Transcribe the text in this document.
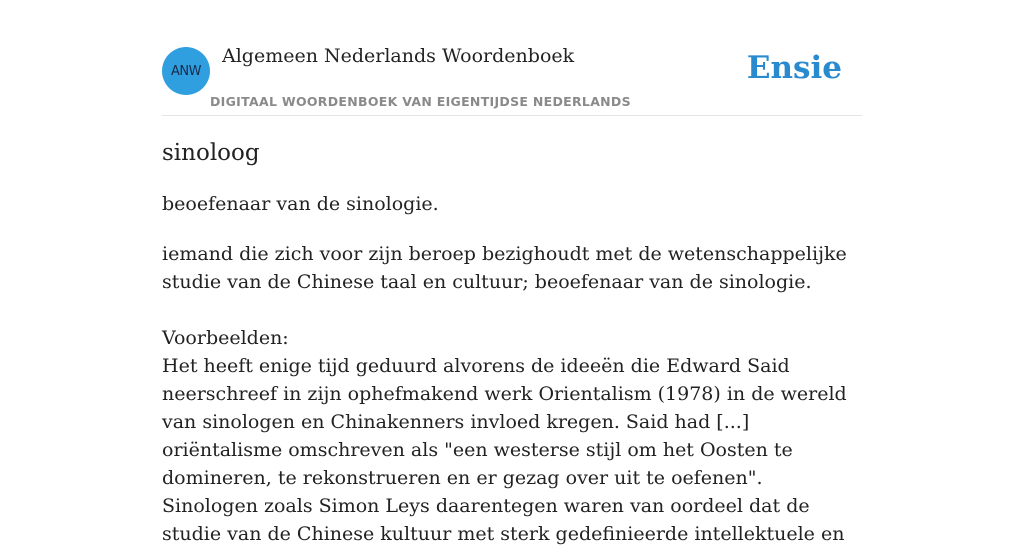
ANW
Algemeen Nederlands Woordenboek
DIGITAAL WOORDENBOEK VAN EIGENTIJDSE NEDERLANDS
Ensie
sinoloog
beoefenaar van de sinologie.

iemand die zich voor zijn beroep bezighoudt met de wetenschappelijke studie van de Chinese taal en cultuur; beoefenaar van de sinologie.

Voorbeelden:

Het heeft enige tijd geduurd alvorens de ideeën die Edward Said neerschreef in zijn ophefmakend werk Orientalism (1978) in de wereld van sinologen en Chinakenners invloed kregen. Said had [...] oriëntalisme omschreven als "een westerse stijl om het Oosten te domineren, te rekonstrueren en er gezag over uit te oefenen". Sinologen zoals Simon Leys daarentegen waren van oordeel dat de studie van de Chinese kultuur met sterk gedefinieerde intellektuele en
